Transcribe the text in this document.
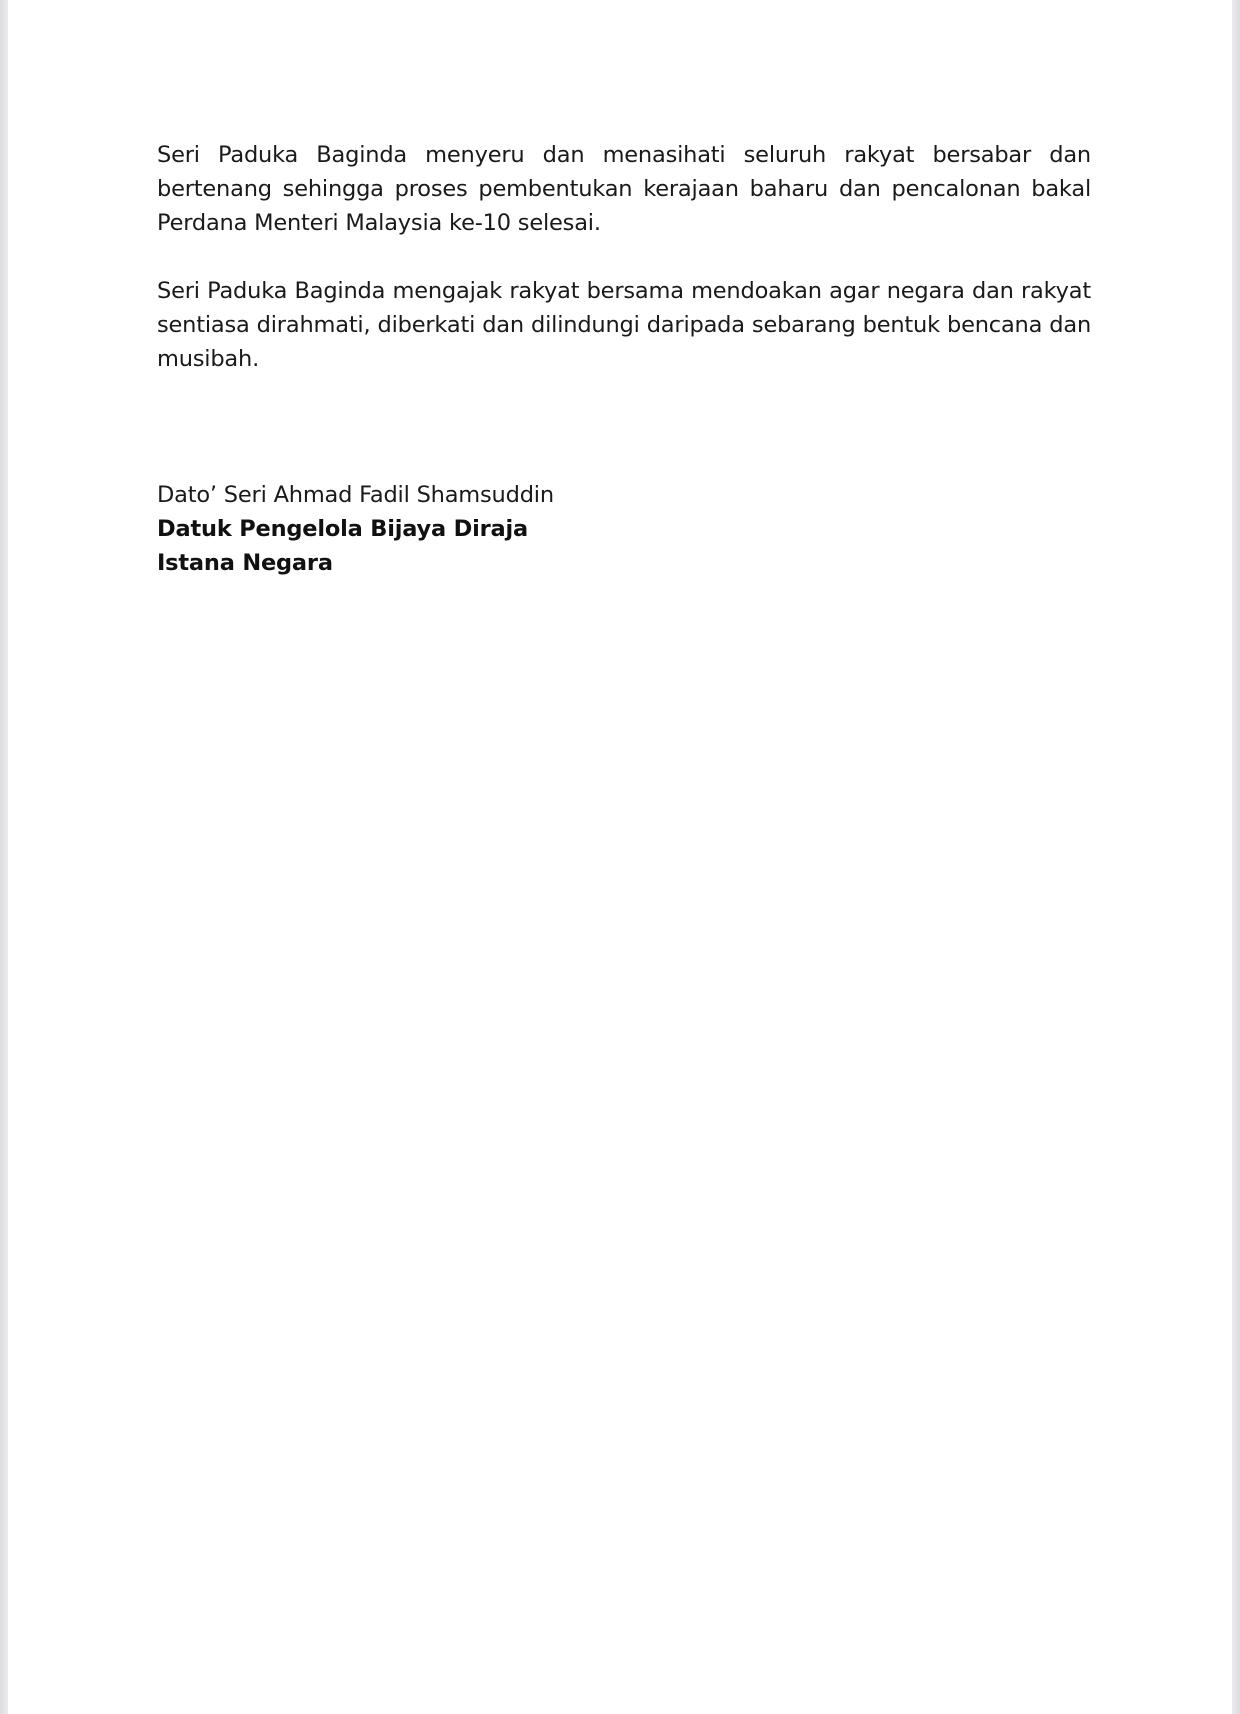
Seri Paduka Baginda menyeru dan menasihati seluruh rakyat bersabar dan bertenang sehingga proses pembentukan kerajaan baharu dan pencalonan bakal Perdana Menteri Malaysia ke-10 selesai.

Seri Paduka Baginda mengajak rakyat bersama mendoakan agar negara dan rakyat sentiasa dirahmati, diberkati dan dilindungi daripada sebarang bentuk bencana dan musibah.

Dato’ Seri Ahmad Fadil Shamsuddin
Datuk Pengelola Bijaya Diraja
Istana Negara
